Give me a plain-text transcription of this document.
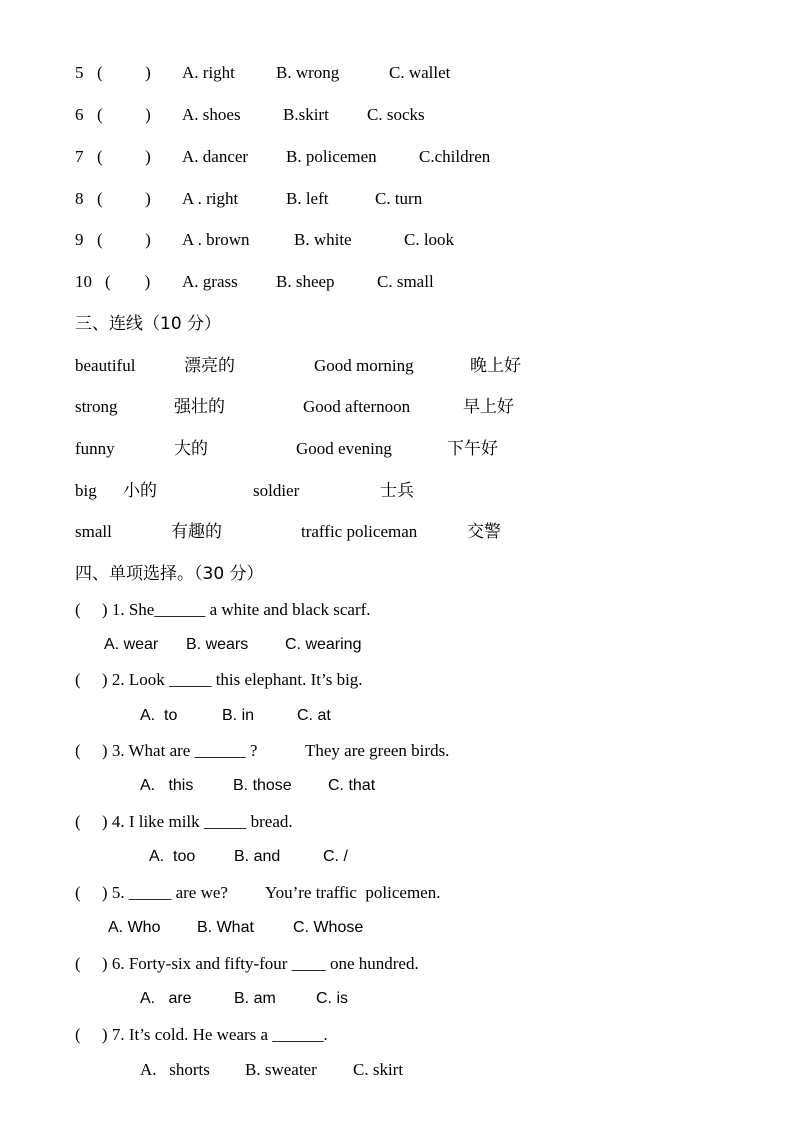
5 (          ) A. right B. wrong	C. wallet
6 (          ) A. shoes B.skirt C. socks
7 (          ) A. dancer B. policemen C.children
8 (          ) A . right	B. left	C. turn
9 (          ) A . brown	B. white	C. look
10 (        ) A. grass B. sheep C. small
三、连线（10 分）
beautiful	漂亮的	Good morning	晚上好
strong	强壮的	Good afternoon	早上好
funny	大的	Good evening	下午好
big 小的	soldier	士兵
small	有趣的	traffic policeman	交警
四、单项选择。（30 分）
(     ) 1. She______ a white and black scarf.
A. wear B. wears C. wearing
(     ) 2. Look _____ this elephant. It’s big.
A.  to	B. in	C. at
(     ) 3. What are ______ ?	They are green birds.
A.   this B. those C. that
(     ) 4. I like milk _____ bread.
A.  too B. and	C. /
(     ) 5. _____ are we? You’re traffic  policemen.
A. Who B. What C. Whose
(     ) 6. Forty-six and fifty-four ____ one hundred.
A.   are	B. am	C. is
(     ) 7. It’s cold. He wears a ______.
A.   shorts B. sweater C. skirt
